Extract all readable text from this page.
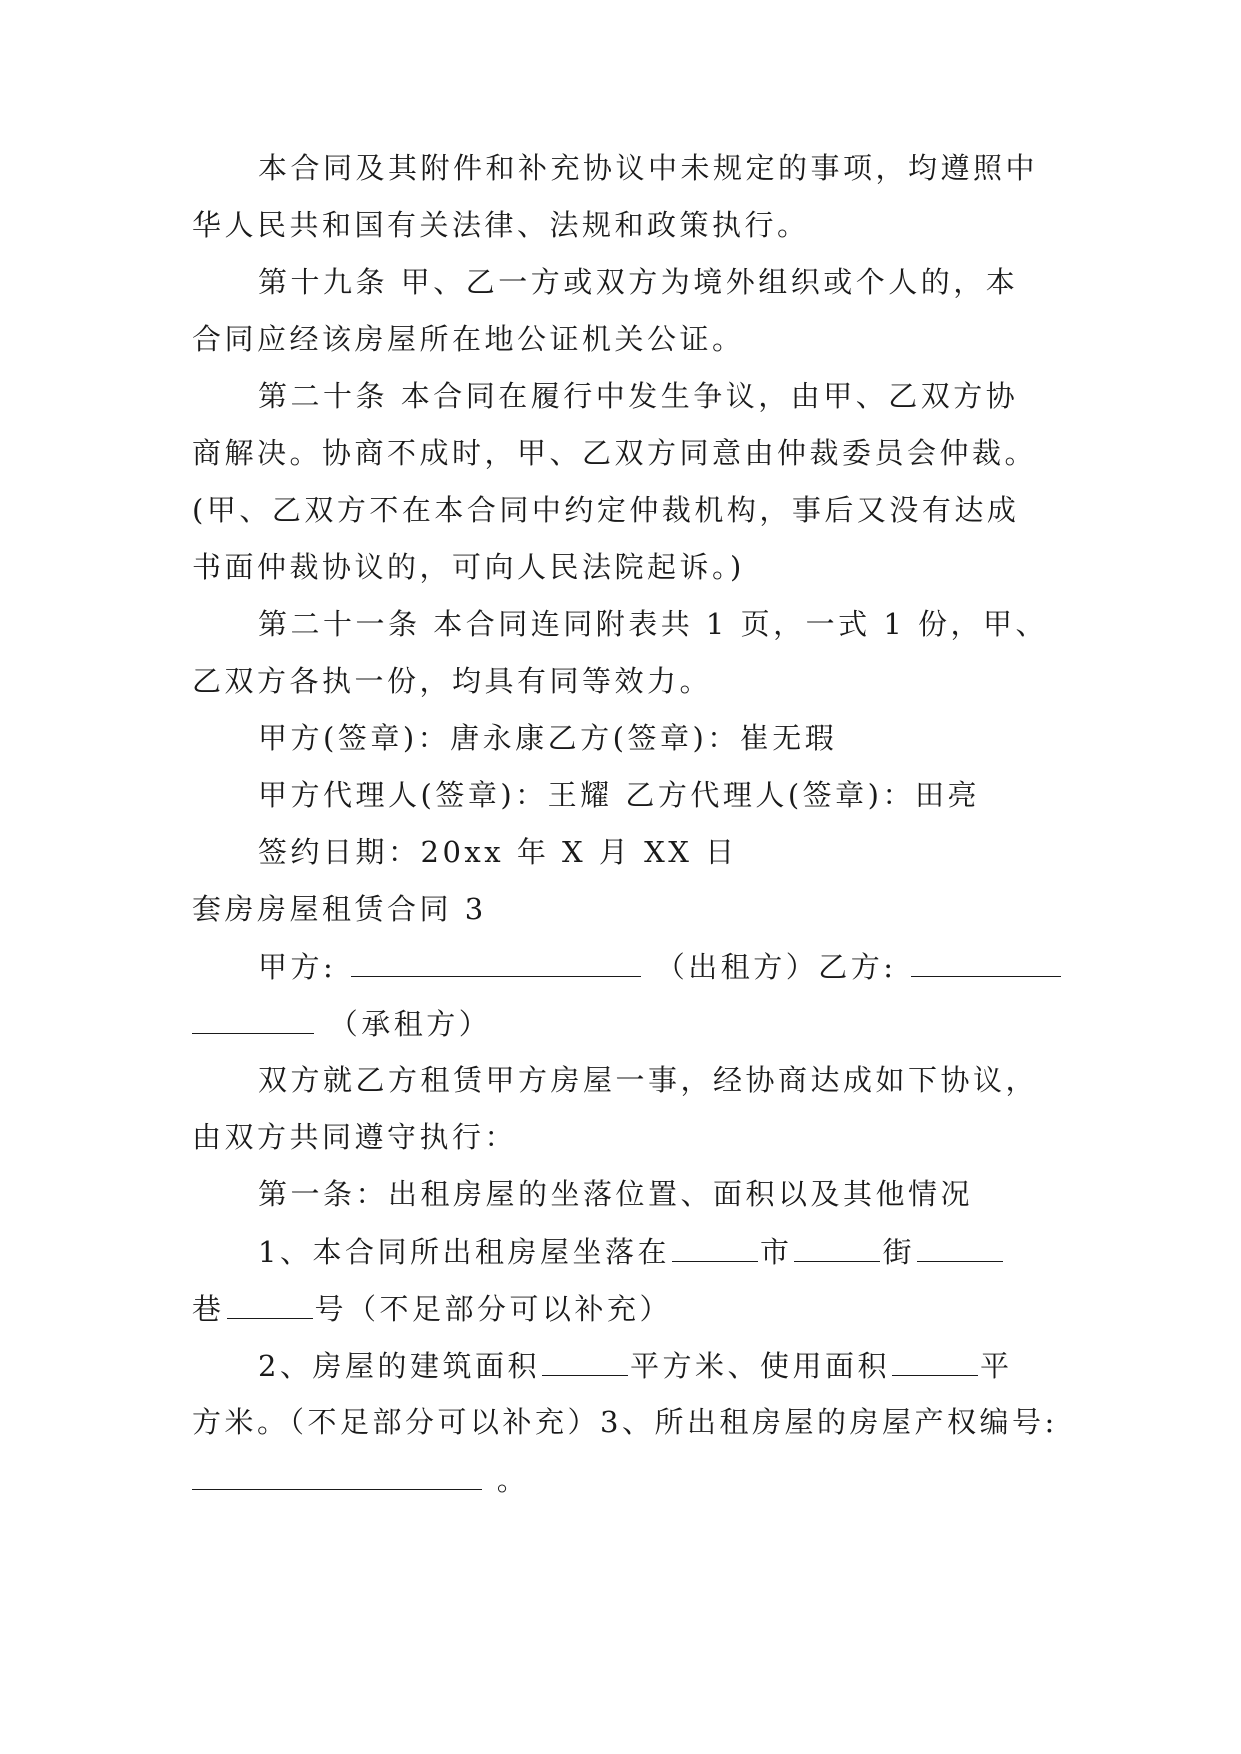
本合同及其附件和补充协议中未规定的事项，均遵照中
华人民共和国有关法律、法规和政策执行。
第十九条 甲、乙一方或双方为境外组织或个人的，本
合同应经该房屋所在地公证机关公证。
第二十条 本合同在履行中发生争议，由甲、乙双方协
商解决。协商不成时，甲、乙双方同意由仲裁委员会仲裁。
(甲、乙双方不在本合同中约定仲裁机构，事后又没有达成
书面仲裁协议的，可向人民法院起诉。)
第二十一条 本合同连同附表共 1 页，一式 1 份，甲、
乙双方各执一份，均具有同等效力。
甲方(签章)：唐永康乙方(签章)：崔无瑕
甲方代理人(签章)：王耀 乙方代理人(签章)：田亮
签约日期：20xx 年 X 月 XX 日
套房房屋租赁合同 3
甲方:	（出租方）乙方:
（承租方）
双方就乙方租赁甲方房屋一事，经协商达成如下协议，
由双方共同遵守执行：
第一条：出租房屋的坐落位置、面积以及其他情况
1、本合同所出租房屋坐落在	市	街
巷	号（不足部分可以补充）
2、房屋的建筑面积	平方米、使用面积	平
方米。（不足部分可以补充）3、所出租房屋的房屋产权编号:
。
